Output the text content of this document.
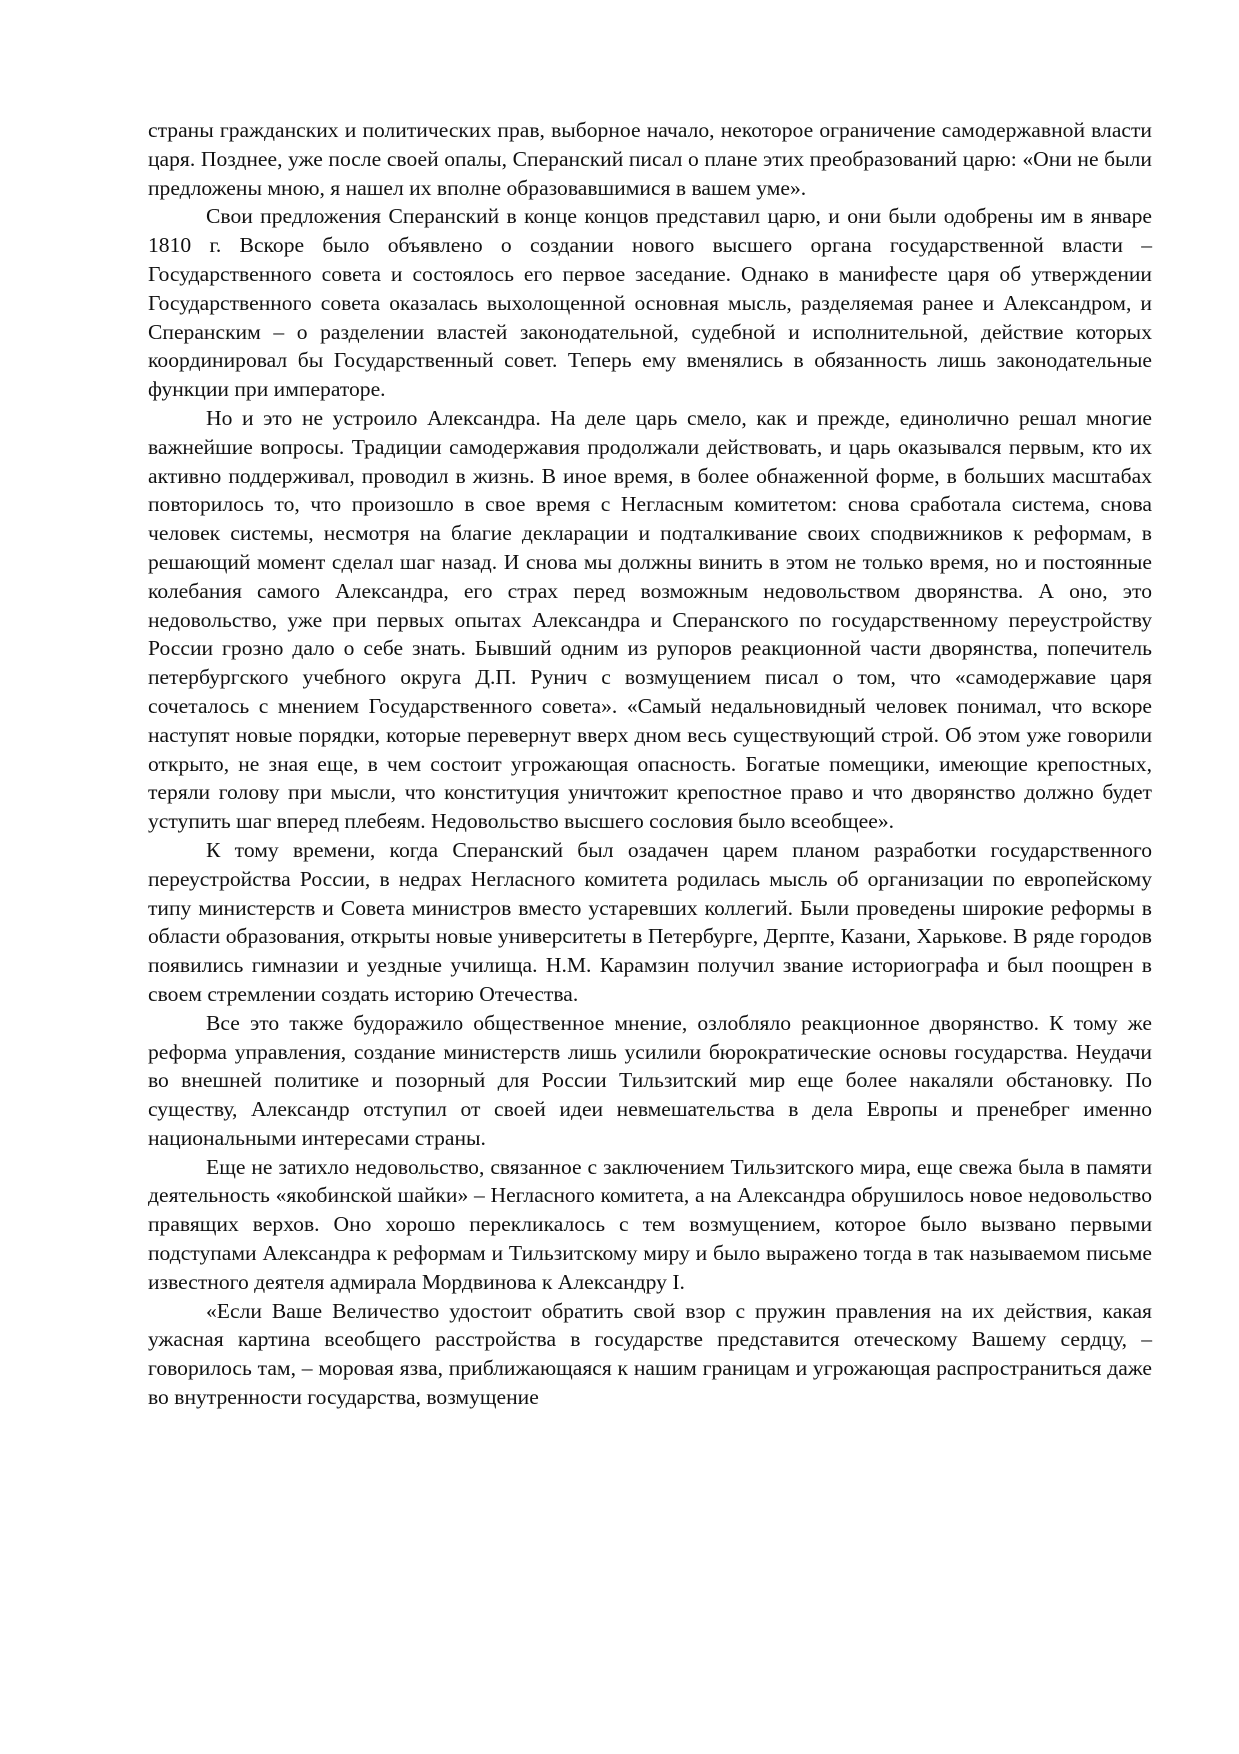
страны гражданских и политических прав, выборное начало, некоторое ограничение самодержавной власти царя. Позднее, уже после своей опалы, Сперанский писал о плане этих преобразований царю: «Они не были предложены мною, я нашел их вполне образовавшимися в вашем уме».

Свои предложения Сперанский в конце концов представил царю, и они были одобрены им в январе 1810 г. Вскоре было объявлено о создании нового высшего органа государственной власти – Государственного совета и состоялось его первое заседание. Однако в манифесте царя об утверждении Государственного совета оказалась выхолощенной основная мысль, разделяемая ранее и Александром, и Сперанским – о разделении властей законодательной, судебной и исполнительной, действие которых координировал бы Государственный совет. Теперь ему вменялись в обязанность лишь законодательные функции при императоре.

Но и это не устроило Александра. На деле царь смело, как и прежде, единолично решал многие важнейшие вопросы. Традиции самодержавия продолжали действовать, и царь оказывался первым, кто их активно поддерживал, проводил в жизнь. В иное время, в более обнаженной форме, в больших масштабах повторилось то, что произошло в свое время с Негласным комитетом: снова сработала система, снова человек системы, несмотря на благие декларации и подталкивание своих сподвижников к реформам, в решающий момент сделал шаг назад. И снова мы должны винить в этом не только время, но и постоянные колебания самого Александра, его страх перед возможным недовольством дворянства. А оно, это недовольство, уже при первых опытах Александра и Сперанского по государственному переустройству России грозно дало о себе знать. Бывший одним из рупоров реакционной части дворянства, попечитель петербургского учебного округа Д.П. Рунич с возмущением писал о том, что «самодержавие царя сочеталось с мнением Государственного совета». «Самый недальновидный человек понимал, что вскоре наступят новые порядки, которые перевернут вверх дном весь существующий строй. Об этом уже говорили открыто, не зная еще, в чем состоит угрожающая опасность. Богатые помещики, имеющие крепостных, теряли голову при мысли, что конституция уничтожит крепостное право и что дворянство должно будет уступить шаг вперед плебеям. Недовольство высшего сословия было всеобщее».

К тому времени, когда Сперанский был озадачен царем планом разработки государственного переустройства России, в недрах Негласного комитета родилась мысль об организации по европейскому типу министерств и Совета министров вместо устаревших коллегий. Были проведены широкие реформы в области образования, открыты новые университеты в Петербурге, Дерпте, Казани, Харькове. В ряде городов появились гимназии и уездные училища. Н.М. Карамзин получил звание историографа и был поощрен в своем стремлении создать историю Отечества.

Все это также будоражило общественное мнение, озлобляло реакционное дворянство. К тому же реформа управления, создание министерств лишь усилили бюрократические основы государства. Неудачи во внешней политике и позорный для России Тильзитский мир еще более накаляли обстановку. По существу, Александр отступил от своей идеи невмешательства в дела Европы и пренебрег именно национальными интересами страны.

Еще не затихло недовольство, связанное с заключением Тильзитского мира, еще свежа была в памяти деятельность «якобинской шайки» – Негласного комитета, а на Александра обрушилось новое недовольство правящих верхов. Оно хорошо перекликалось с тем возмущением, которое было вызвано первыми подступами Александра к реформам и Тильзитскому миру и было выражено тогда в так называемом письме известного деятеля адмирала Мордвинова к Александру I.

«Если Ваше Величество удостоит обратить свой взор с пружин правления на их действия, какая ужасная картина всеобщего расстройства в государстве представится отеческому Вашему сердцу, – говорилось там, – моровая язва, приближающаяся к нашим границам и угрожающая распространиться даже во внутренности государства, возмущение
